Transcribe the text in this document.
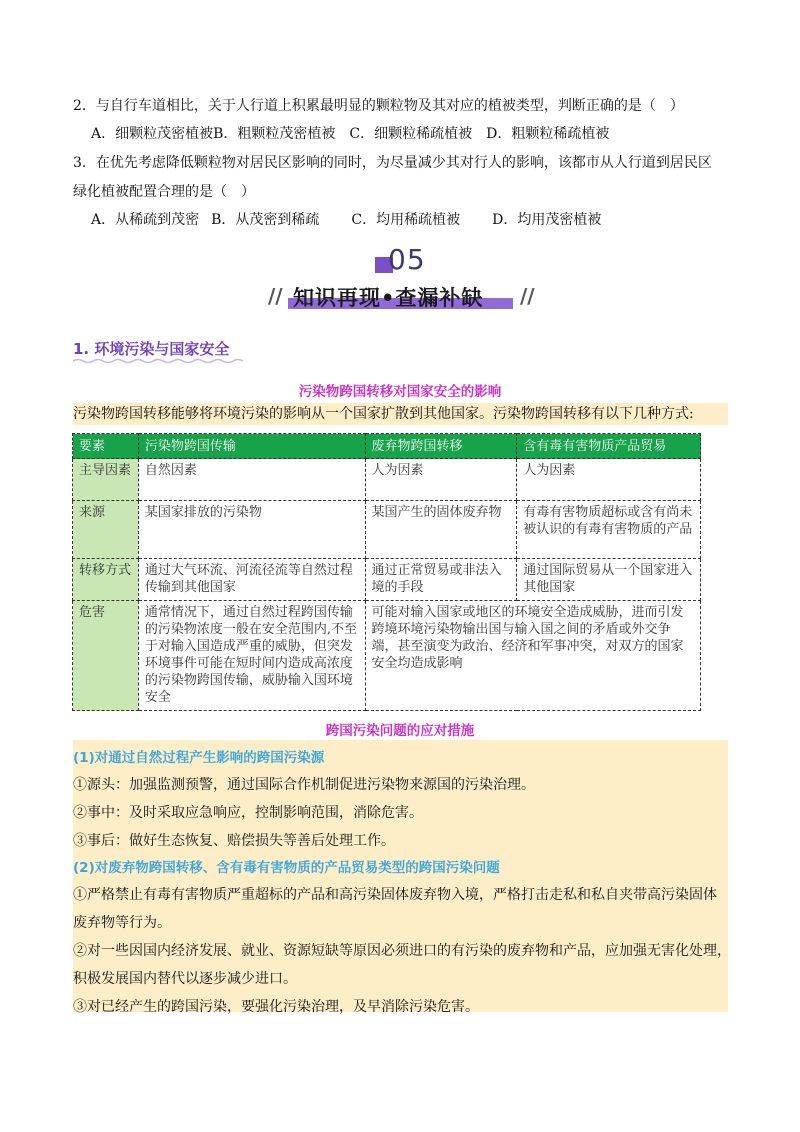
2．与自行车道相比，关于人行道上积累最明显的颗粒物及其对应的植被类型，判断正确的是（　）
A．细颗粒茂密植被B．粗颗粒茂密植被 C．细颗粒稀疏植被 D．粗颗粒稀疏植被
3．在优先考虑降低颗粒物对居民区影响的同时，为尽量减少其对行人的影响，该都市从人行道到居民区
绿化植被配置合理的是（　）
A．从稀疏到茂密 B．从茂密到稀疏 C．均用稀疏植被 D．均用茂密植被
05
//	//
知识再现•查漏补缺
1. 环境污染与国家安全
污染物跨国转移对国家安全的影响
污染物跨国转移能够将环境污染的影响从一个国家扩散到其他国家。污染物跨国转移有以下几种方式:
要素	污染物跨国传输	废弃物跨国转移	含有毒有害物质产品贸易
主导因素	自然因素	人为因素	人为因素
来源	某国家排放的污染物	某国产生的固体废弃物	有毒有害物质超标或含有尚未被认识的有毒有害物质的产品
转移方式	通过大气环流、河流径流等自然过程传输到其他国家	通过正常贸易或非法入境的手段	通过国际贸易从一个国家进入其他国家
危害	通常情况下，通过自然过程跨国传输的污染物浓度一般在安全范围内,不至于对输入国造成严重的威胁，但突发环境事件可能在短时间内造成高浓度的污染物跨国传输，威胁输入国环境安全	可能对输入国家或地区的环境安全造成威胁，进而引发跨境环境污染物输出国与输入国之间的矛盾或外交争端，甚至演变为政治、经济和军事冲突，对双方的国家安全均造成影响	
跨国污染问题的应对措施
(1)对通过自然过程产生影响的跨国污染源
①源头：加强监测预警，通过国际合作机制促进污染物来源国的污染治理。
②事中：及时采取应急响应，控制影响范围，消除危害。
③事后：做好生态恢复、赔偿损失等善后处理工作。
(2)对废弃物跨国转移、含有毒有害物质的产品贸易类型的跨国污染问题
①严格禁止有毒有害物质严重超标的产品和高污染固体废弃物入境，严格打击走私和私自夹带高污染固体
废弃物等行为。
②对一些因国内经济发展、就业、资源短缺等原因必须进口的有污染的废弃物和产品，应加强无害化处理，
积极发展国内替代以逐步减少进口。
③对已经产生的跨国污染，要强化污染治理，及早消除污染危害。
